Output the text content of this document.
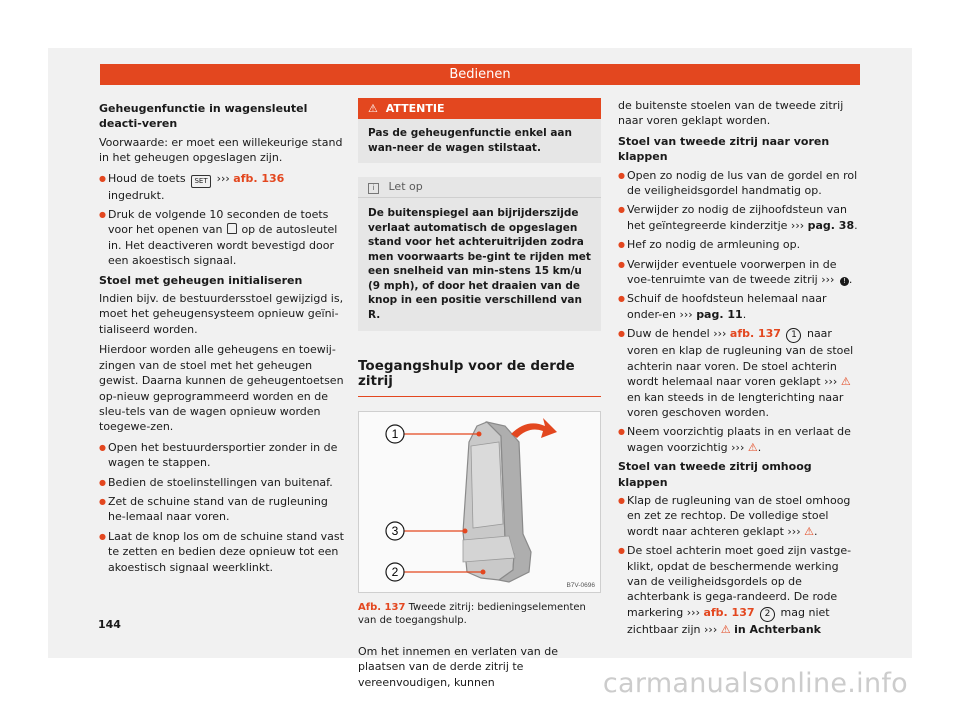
Bedienen

Geheugenfunctie in wagensleutel deacti-veren

Voorwaarde: er moet een willekeurige stand in het geheugen opgeslagen zijn.

● Houd de toets SET ››› afb. 136 ingedrukt.

● Druk de volgende 10 seconden de toets voor het openen van op de autosleutel in. Het deactiveren wordt bevestigd door een akoestisch signaal.

Stoel met geheugen initialiseren

Indien bijv. de bestuurdersstoel gewijzigd is, moet het geheugensysteem opnieuw geïni-tialiseerd worden.

Hierdoor worden alle geheugens en toewij-zingen van de stoel met het geheugen gewist. Daarna kunnen de geheugentoetsen op-nieuw geprogrammeerd worden en de sleu-tels van de wagen opnieuw worden toegewe-zen.

● Open het bestuurdersportier zonder in de wagen te stappen.

● Bedien de stoelinstellingen van buitenaf.

● Zet de schuine stand van de rugleuning he-lemaal naar voren.

● Laat de knop los om de schuine stand vast te zetten en bedien deze opnieuw tot een akoestisch signaal weerklinkt.

⚠ ATTENTIE
Pas de geheugenfunctie enkel aan wan-neer de wagen stilstaat.
i Let op
De buitenspiegel aan bijrijderszijde verlaat automatisch de opgeslagen stand voor het achteruitrijden zodra men voorwaarts be-gint te rijden met een snelheid van min-stens 15 km/u (9 mph), of door het draaien van de knop in een positie verschillend van R.
Toegangshulp voor de derde zitrij
1
3
2
B7V-0696
Afb. 137 Tweede zitrij: bedieningselementen van de toegangshulp.

Om het innemen en verlaten van de plaatsen van de derde zitrij te vereenvoudigen, kunnen

de buitenste stoelen van de tweede zitrij naar voren geklapt worden.

Stoel van tweede zitrij naar voren klappen

● Open zo nodig de lus van de gordel en rol de veiligheidsgordel handmatig op.

● Verwijder zo nodig de zijhoofdsteun van het geïntegreerde kinderzitje ››› pag. 38.

● Hef zo nodig de armleuning op.

● Verwijder eventuele voorwerpen in de voe-tenruimte van de tweede zitrij ››› ! .

● Schuif de hoofdsteun helemaal naar onder-en ››› pag. 11.

● Duw de hendel ››› afb. 137 1 naar voren en klap de rugleuning van de stoel achterin naar voren. De stoel achterin wordt helemaal naar voren geklapt ››› ⚠ en kan steeds in de lengterichting naar voren geschoven worden.

● Neem voorzichtig plaats in en verlaat de wagen voorzichtig ››› ⚠.

Stoel van tweede zitrij omhoog klappen

● Klap de rugleuning van de stoel omhoog en zet ze rechtop. De volledige stoel wordt naar achteren geklapt ››› ⚠.

● De stoel achterin moet goed zijn vastge-klikt, opdat de beschermende werking van de veiligheidsgordels op de achterbank is gega-randeerd. De rode markering ››› afb. 137 2 mag niet zichtbaar zijn ››› ⚠ in Achterbank

144
carmanualsonline.info
